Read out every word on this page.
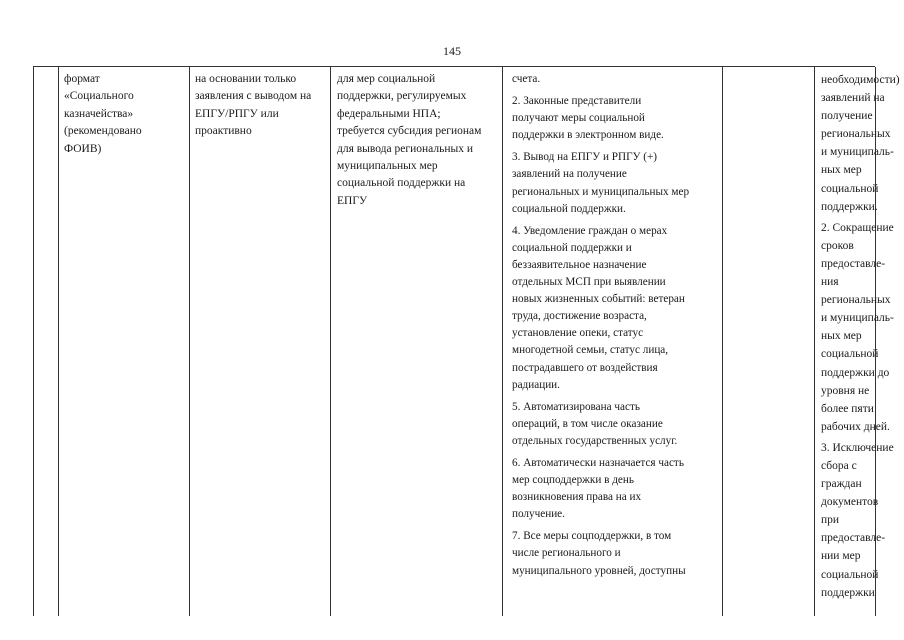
145
формат
«Социального
казначейства»
(рекомендовано
ФОИВ)
на основании только
заявления с выводом на
ЕПГУ/РПГУ или
проактивно
для мер социальной
поддержки, регулируемых
федеральными НПА;
требуется субсидия регионам
для вывода региональных и
муниципальных мер
социальной поддержки на
ЕПГУ
счета.
2. Законные представители
получают меры социальной
поддержки в электронном виде.
3. Вывод на ЕПГУ и РПГУ (+)
заявлений на получение
региональных и муниципальных мер
социальной поддержки.
4. Уведомление граждан о мерах
социальной поддержки и
беззаявительное назначение
отдельных МСП при выявлении
новых жизненных событий: ветеран
труда, достижение возраста,
установление опеки, статус
многодетной семьи, статус лица,
пострадавшего от воздействия
радиации.
5. Автоматизирована часть
операций, в том числе оказание
отдельных государственных услуг.
6. Автоматически назначается часть
мер соцподдержки в день
возникновения права на их
получение.
7. Все меры соцподдержки, в том
числе регионального и
муниципального уровней, доступны
необходимости)
заявлений на
получение
региональных
и муниципаль-
ных мер
социальной
поддержки.
2. Сокращение
сроков
предоставле-
ния
региональных
и муниципаль-
ных мер
социальной
поддержки до
уровня не
более пяти
рабочих дней.
3. Исключение
сбора с
граждан
документов
при
предоставле-
нии мер
социальной
поддержки
